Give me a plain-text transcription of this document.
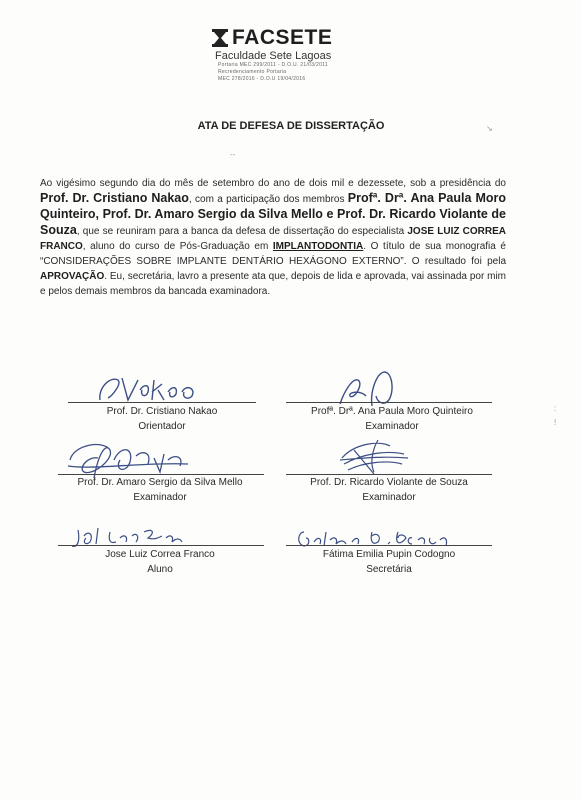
FACSETE
Faculdade Sete Lagoas
Portaria MEC 299/2011 - D.O.U. 21/03/2011
Recredenciamento Portaria
MEC 278/2016 - D.O.U 19/04/2016
ATA DE DEFESA DE DISSERTAÇÃO
Ao vigésimo segundo dia do mês de setembro do ano de dois mil e dezessete, sob a presidência do Prof. Dr. Cristiano Nakao, com a participação dos membros Profª. Drª. Ana Paula Moro Quinteiro, Prof. Dr. Amaro Sergio da Silva Mello e Prof. Dr. Ricardo Violante de Souza, que se reuniram para a banca da defesa de dissertação do especialista JOSE LUIZ CORREA FRANCO, aluno do curso de Pós-Graduação em IMPLANTODONTIA. O título de sua monografia é “CONSIDERAÇÕES SOBRE IMPLANTE DENTÁRIO HEXÁGONO EXTERNO”. O resultado foi pela APROVAÇÃO. Eu, secretária, lavro a presente ata que, depois de lida e aprovada, vai assinada por mim e pelos demais membros da bancada examinadora.
↘
-‑
:
!
Prof. Dr. Cristiano Nakao
Orientador
Profª. Drª. Ana Paula Moro Quinteiro
Examinador
Prof. Dr. Amaro Sergio da Silva Mello
Examinador
Prof. Dr. Ricardo Violante de Souza
Examinador
Jose Luiz Correa Franco
Aluno
Fátima Emilia Pupin Codogno
Secretária
